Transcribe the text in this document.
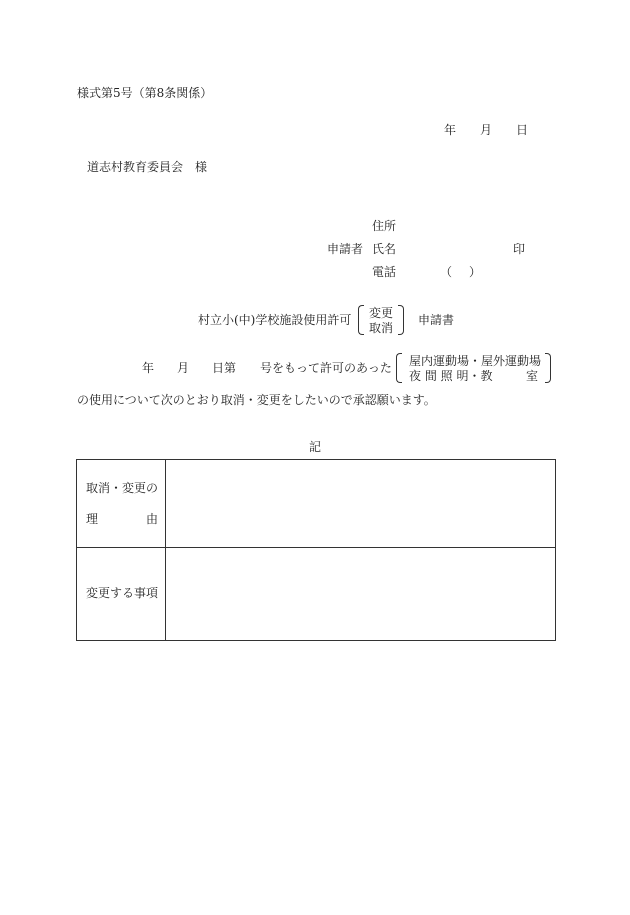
様式第5号（第8条関係）
年 月 日
道志村教育委員会　様
住所
申請者 氏名	印
電話	（ ）
村立小(中)学校施設使用許可 変更
取消
申請書
年 月 日第 号をもって許可のあった 屋内運動場・屋外運動場
夜 間 照 明・教	室
の使用について次のとおり取消・変更をしたいので承認願います。
記
取消・変更の
理 由	

変更する事項	
